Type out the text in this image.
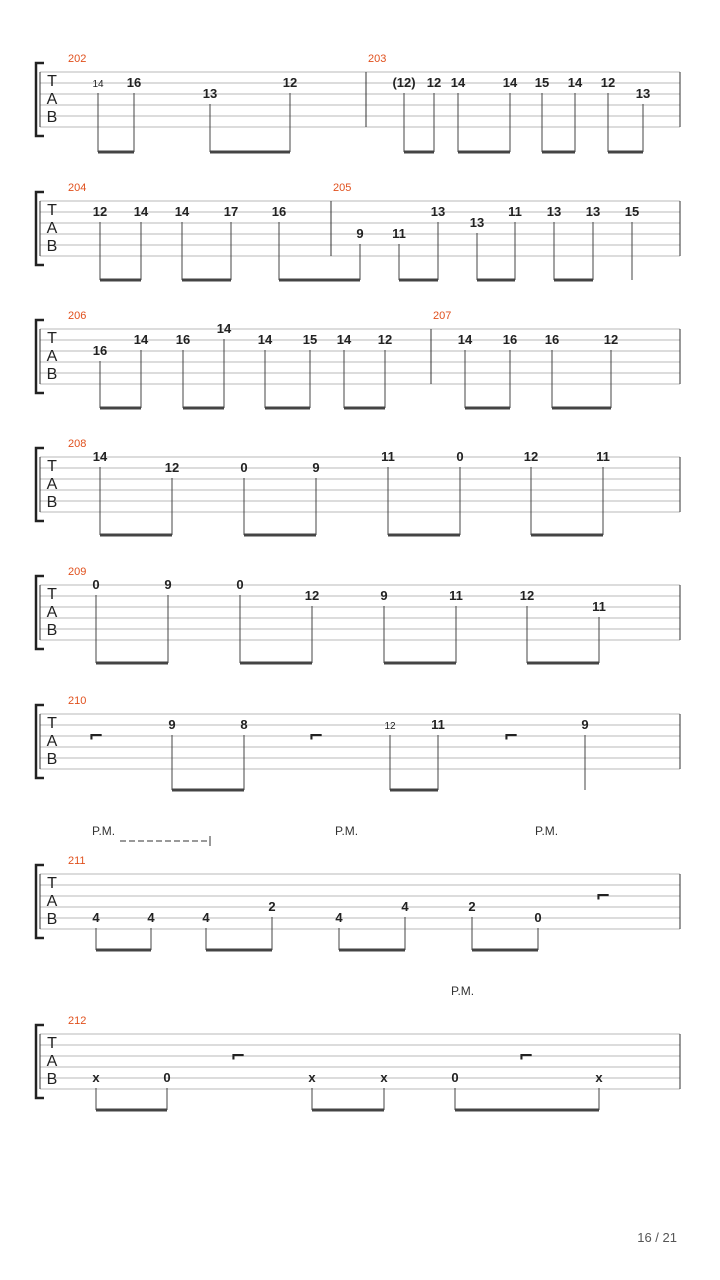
T
A
B
202	203
14 16
13
12	(12) 12 14	14 15 14 12
13
T
A
B
204	205
12 14 14	17	16
9 11
13
13
11 13 13 15
T
A
B
206	207
16
14 16
14
14 15 14 12	14 16 16	12
T
A
B
208
14
12	0	9
11	0	12	11
T
A
B
209
0	9	0
12	9	11	12
11
T
A
B
210
9	8	12	11	9
⌐	⌐	⌐
T
A
B
211
4	4	4
2
4
4	2
0
⌐
P.M.	P.M.	P.M.
T
A
B
212
x	0	x	x	0	x
⌐	⌐
P.M.
16 / 21
